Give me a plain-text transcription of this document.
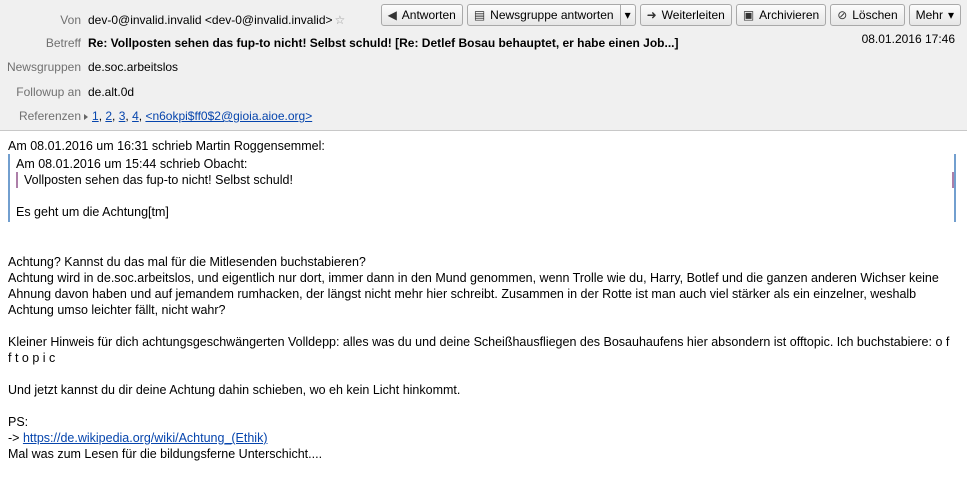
Von dev-0@invalid.invalid <dev-0@invalid.invalid> ☆	◀ Antworten ▤ Newsgruppe antworten ▾ ➜ Weiterleiten ▣ Archivieren ⊘ Löschen Mehr ▾
Betreff Re: Vollposten sehen das fup-to nicht! Selbst schuld! [Re: Detlef Bosau behauptet, er habe einen Job...]	08.01.2016 17:46
Newsgruppen de.soc.arbeitslos
Followup an de.alt.0d
Referenzen 1, 2, 3, 4, <n6okpi$ff0$2@gioia.aioe.org>

Am 08.01.2016 um 16:31 schrieb Martin Roggensemmel:

Am 08.01.2016 um 15:44 schrieb Obacht:

Vollposten sehen das fup-to nicht! Selbst schuld!

Es geht um die Achtung[tm]

Achtung? Kannst du das mal für die Mitlesenden buchstabieren?

Achtung wird in de.soc.arbeitslos, und eigentlich nur dort, immer dann in den Mund genommen, wenn Trolle wie du, Harry, Botlef und die ganzen anderen Wichser keine Ahnung davon haben und auf jemandem rumhacken, der längst nicht mehr hier schreibt. Zusammen in der Rotte ist man auch viel stärker als ein einzelner, weshalb Achtung umso leichter fällt, nicht wahr?

Kleiner Hinweis für dich achtungsgeschwängerten Volldepp: alles was du und deine Scheißhausfliegen des Bosauhaufens hier absondern ist offtopic. Ich buchstabiere: o f f t o p i c

Und jetzt kannst du dir deine Achtung dahin schieben, wo eh kein Licht hinkommt.

PS:

-> https://de.wikipedia.org/wiki/Achtung_(Ethik)

Mal was zum Lesen für die bildungsferne Unterschicht....
